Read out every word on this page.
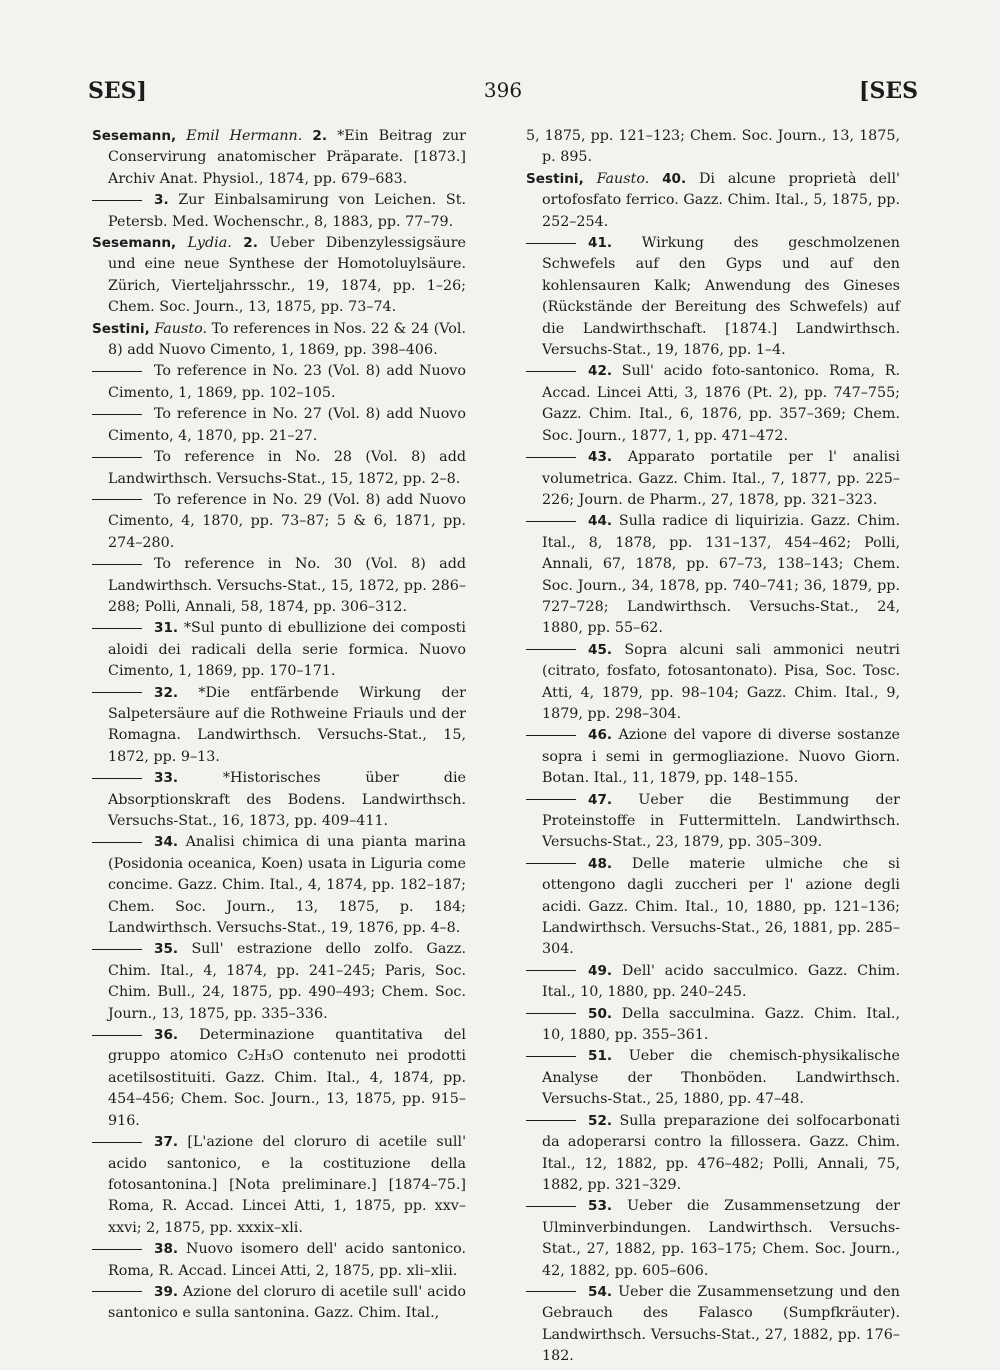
SES]	396	[SES

Sesemann, Emil Hermann. 2. *Ein Beitrag zur Conservirung anatomischer Präparate. [1873.] Archiv Anat. Physiol., 1874, pp. 679–683.

3. Zur Einbalsamirung von Leichen. St. Petersb. Med. Wochenschr., 8, 1883, pp. 77–79.

Sesemann, Lydia. 2. Ueber Dibenzylessigsäure und eine neue Synthese der Homotoluylsäure. Zürich, Vierteljahrsschr., 19, 1874, pp. 1–26; Chem. Soc. Journ., 13, 1875, pp. 73–74.

Sestini, Fausto. To references in Nos. 22 & 24 (Vol. 8) add Nuovo Cimento, 1, 1869, pp. 398–406.

To reference in No. 23 (Vol. 8) add Nuovo Cimento, 1, 1869, pp. 102–105.

To reference in No. 27 (Vol. 8) add Nuovo Cimento, 4, 1870, pp. 21–27.

To reference in No. 28 (Vol. 8) add Landwirthsch. Versuchs-Stat., 15, 1872, pp. 2–8.

To reference in No. 29 (Vol. 8) add Nuovo Cimento, 4, 1870, pp. 73–87; 5 & 6, 1871, pp. 274–280.

To reference in No. 30 (Vol. 8) add Landwirthsch. Versuchs-Stat., 15, 1872, pp. 286–288; Polli, Annali, 58, 1874, pp. 306–312.

31. *Sul punto di ebullizione dei composti aloidi dei radicali della serie formica. Nuovo Cimento, 1, 1869, pp. 170–171.

32. *Die entfärbende Wirkung der Salpetersäure auf die Rothweine Friauls und der Romagna. Landwirthsch. Versuchs-Stat., 15, 1872, pp. 9–13.

33.	*Historisches über die Absorptionskraft des Bodens. Landwirthsch. Versuchs-Stat., 16, 1873, pp. 409–411.

34. Analisi chimica di una pianta marina (Posidonia oceanica, Koen) usata in Liguria come concime. Gazz. Chim. Ital., 4, 1874, pp. 182–187; Chem. Soc. Journ., 13, 1875, p. 184; Landwirthsch. Versuchs-Stat., 19, 1876, pp. 4–8.

35. Sull' estrazione dello zolfo. Gazz. Chim. Ital., 4, 1874, pp. 241–245; Paris, Soc. Chim. Bull., 24, 1875, pp. 490–493; Chem. Soc. Journ., 13, 1875, pp. 335–336.

36. Determinazione quantitativa del gruppo atomico C₂H₃O contenuto nei prodotti acetilsostituiti. Gazz. Chim. Ital., 4, 1874, pp. 454–456; Chem. Soc. Journ., 13, 1875, pp. 915–916.

37. [L'azione del cloruro di acetile sull' acido santonico, e la costituzione della fotosantonina.] [Nota preliminare.] [1874–75.] Roma, R. Accad. Lincei Atti, 1, 1875, pp. xxv–xxvi; 2, 1875, pp. xxxix–xli.

38. Nuovo isomero dell' acido santonico. Roma, R. Accad. Lincei Atti, 2, 1875, pp. xli–xlii.

39. Azione del cloruro di acetile sull' acido santonico e sulla santonina. Gazz. Chim. Ital.,

5, 1875, pp. 121–123; Chem. Soc. Journ., 13, 1875, p. 895.

Sestini, Fausto. 40. Di alcune proprietà dell' ortofosfato ferrico. Gazz. Chim. Ital., 5, 1875, pp. 252–254.

41. Wirkung des geschmolzenen Schwefels auf den Gyps und auf den kohlensauren Kalk; Anwendung des Gineses (Rückstände der Bereitung des Schwefels) auf die Landwirthschaft. [1874.] Landwirthsch. Versuchs-Stat., 19, 1876, pp. 1–4.

42. Sull' acido foto-santonico. Roma, R. Accad. Lincei Atti, 3, 1876 (Pt. 2), pp. 747–755; Gazz. Chim. Ital., 6, 1876, pp. 357–369; Chem. Soc. Journ., 1877, 1, pp. 471–472.

43. Apparato portatile per l' analisi volumetrica. Gazz. Chim. Ital., 7, 1877, pp. 225–226; Journ. de Pharm., 27, 1878, pp. 321–323.

44. Sulla radice di liquirizia. Gazz. Chim. Ital., 8, 1878, pp. 131–137, 454–462; Polli, Annali, 67, 1878, pp. 67–73, 138–143; Chem. Soc. Journ., 34, 1878, pp. 740–741; 36, 1879, pp. 727–728; Landwirthsch. Versuchs-Stat., 24, 1880, pp. 55–62.

45. Sopra alcuni sali ammonici neutri (citrato, fosfato, fotosantonato). Pisa, Soc. Tosc. Atti, 4, 1879, pp. 98–104; Gazz. Chim. Ital., 9, 1879, pp. 298–304.

46. Azione del vapore di diverse sostanze sopra i semi in germogliazione. Nuovo Giorn. Botan. Ital., 11, 1879, pp. 148–155.

47. Ueber die Bestimmung der Proteinstoffe in Futtermitteln. Landwirthsch. Versuchs-Stat., 23, 1879, pp. 305–309.

48. Delle materie ulmiche che si ottengono dagli zuccheri per l' azione degli acidi. Gazz. Chim. Ital., 10, 1880, pp. 121–136; Landwirthsch. Versuchs-Stat., 26, 1881, pp. 285–304.

49. Dell' acido sacculmico. Gazz. Chim. Ital., 10, 1880, pp. 240–245.

50. Della sacculmina. Gazz. Chim. Ital., 10, 1880, pp. 355–361.

51. Ueber die chemisch-physikalische Analyse der Thonböden. Landwirthsch. Versuchs-Stat., 25, 1880, pp. 47–48.

52. Sulla preparazione dei solfocarbonati da adoperarsi contro la fillossera. Gazz. Chim. Ital., 12, 1882, pp. 476–482; Polli, Annali, 75, 1882, pp. 321–329.

53. Ueber die Zusammensetzung der Ulminverbindungen. Landwirthsch. Versuchs-Stat., 27, 1882, pp. 163–175; Chem. Soc. Journ., 42, 1882, pp. 605–606.

54. Ueber die Zusammensetzung und den Gebrauch des Falasco (Sumpfkräuter). Landwirthsch. Versuchs-Stat., 27, 1882, pp. 176–182.
